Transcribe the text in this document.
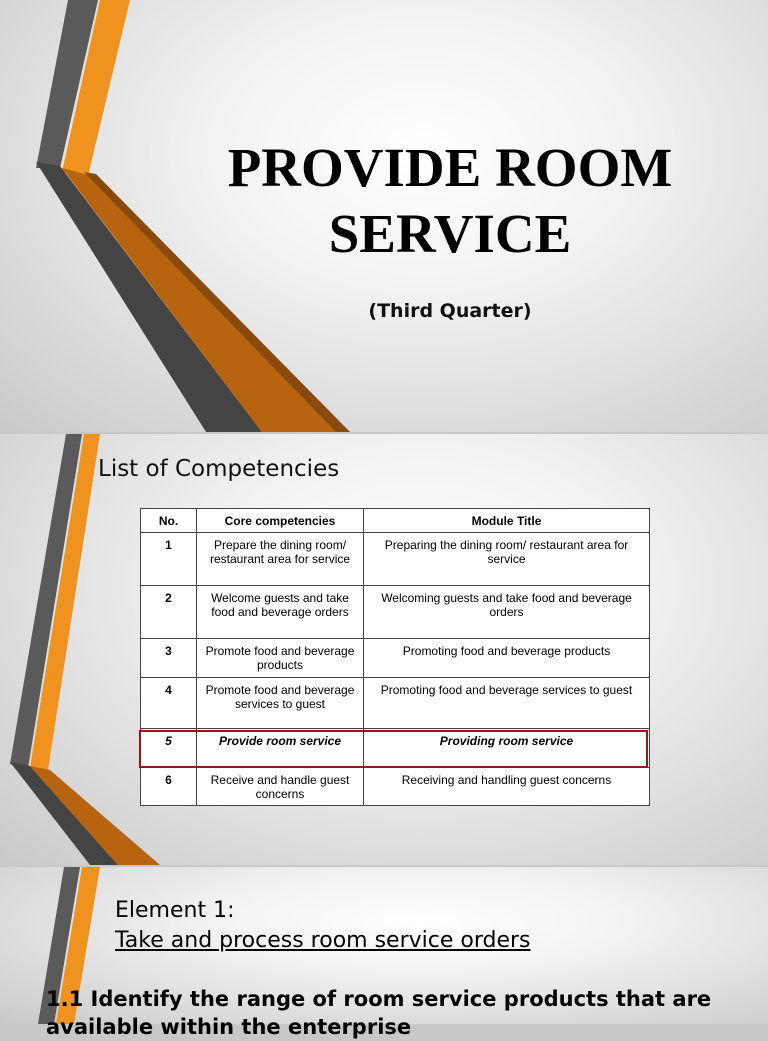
PROVIDE ROOM
SERVICE
(Third Quarter)
List of Competencies
No.	Core competencies	Module Title
1	Prepare the dining room/ restaurant area for service	Preparing the dining room/ restaurant area for service
2	Welcome guests and take food and beverage orders	Welcoming guests and take food and beverage orders
3	Promote food and beverage products	Promoting food and beverage products
4	Promote food and beverage services to guest	Promoting food and beverage services to guest
5	Provide room service	Providing room service
6	Receive and handle guest concerns	Receiving and handling guest concerns
Element 1:
Take and process room service orders
1.1 Identify the range of room service products that are available within the enterprise
